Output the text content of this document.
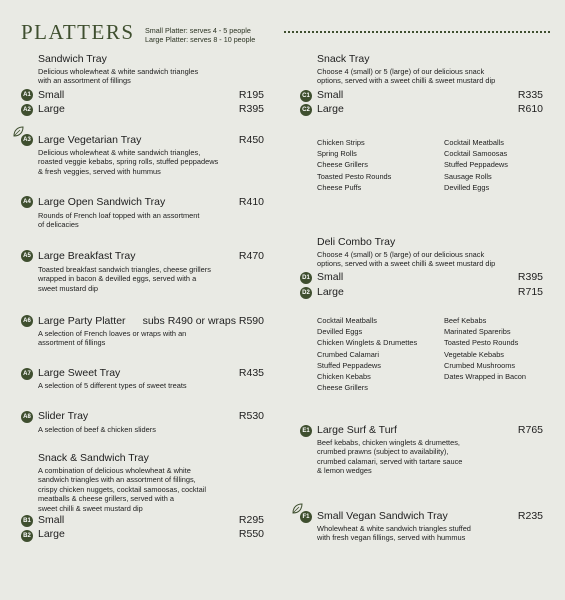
PLATTERS Small Platter: serves 4 - 5 people
Large Platter: serves 8 - 10 people
Sandwich Tray
Delicious wholewheat & white sandwich triangles
with an assortment of fillings
A1 Small	R195
A2 Large	R395
A3 Large Vegetarian Tray	R450
Delicious wholewheat & white sandwich triangles,
roasted veggie kebabs, spring rolls, stuffed peppadews
& fresh veggies, served with hummus
A4 Large Open Sandwich Tray	R410
Rounds of French loaf topped with an assortment
of delicacies
A5 Large Breakfast Tray	R470
Toasted breakfast sandwich triangles, cheese grillers
wrapped in bacon & devilled eggs, served with a
sweet mustard dip
A6 Large Party Platter	subs R490 or wraps R590
A selection of French loaves or wraps with an
assortment of fillings
A7 Large Sweet Tray	R435
A selection of 5 different types of sweet treats
A8 Slider Tray	R530
A selection of beef & chicken sliders
Snack & Sandwich Tray
A combination of delicious wholewheat & white
sandwich triangles with an assortment of fillings,
crispy chicken nuggets, cocktail samoosas, cocktail
meatballs & cheese grillers, served with a
sweet chilli & sweet mustard dip
B1 Small	R295
B2 Large	R550
Snack Tray
Choose 4 (small) or 5 (large) of our delicious snack
options, served with a sweet chilli & sweet mustard dip
C1 Small	R335
C2 Large	R610
Chicken Strips
Spring Rolls
Cheese Grillers
Toasted Pesto Rounds
Cheese Puffs
Cocktail Meatballs
Cocktail Samoosas
Stuffed Peppadews
Sausage Rolls
Devilled Eggs
Deli Combo Tray
Choose 4 (small) or 5 (large) of our delicious snack
options, served with a sweet chilli & sweet mustard dip
D1 Small	R395
D2 Large	R715
Cocktail Meatballs
Devilled Eggs
Chicken Winglets & Drumettes
Crumbed Calamari
Stuffed Peppadews
Chicken Kebabs
Cheese Grillers
Beef Kebabs
Marinated Spareribs
Toasted Pesto Rounds
Vegetable Kebabs
Crumbed Mushrooms
Dates Wrapped in Bacon
E1 Large Surf & Turf	R765
Beef kebabs, chicken winglets & drumettes,
crumbed prawns (subject to availability),
crumbed calamari, served with tartare sauce
& lemon wedges
F1 Small Vegan Sandwich Tray	R235
Wholewheat & white sandwich triangles stuffed
with fresh vegan fillings, served with hummus
